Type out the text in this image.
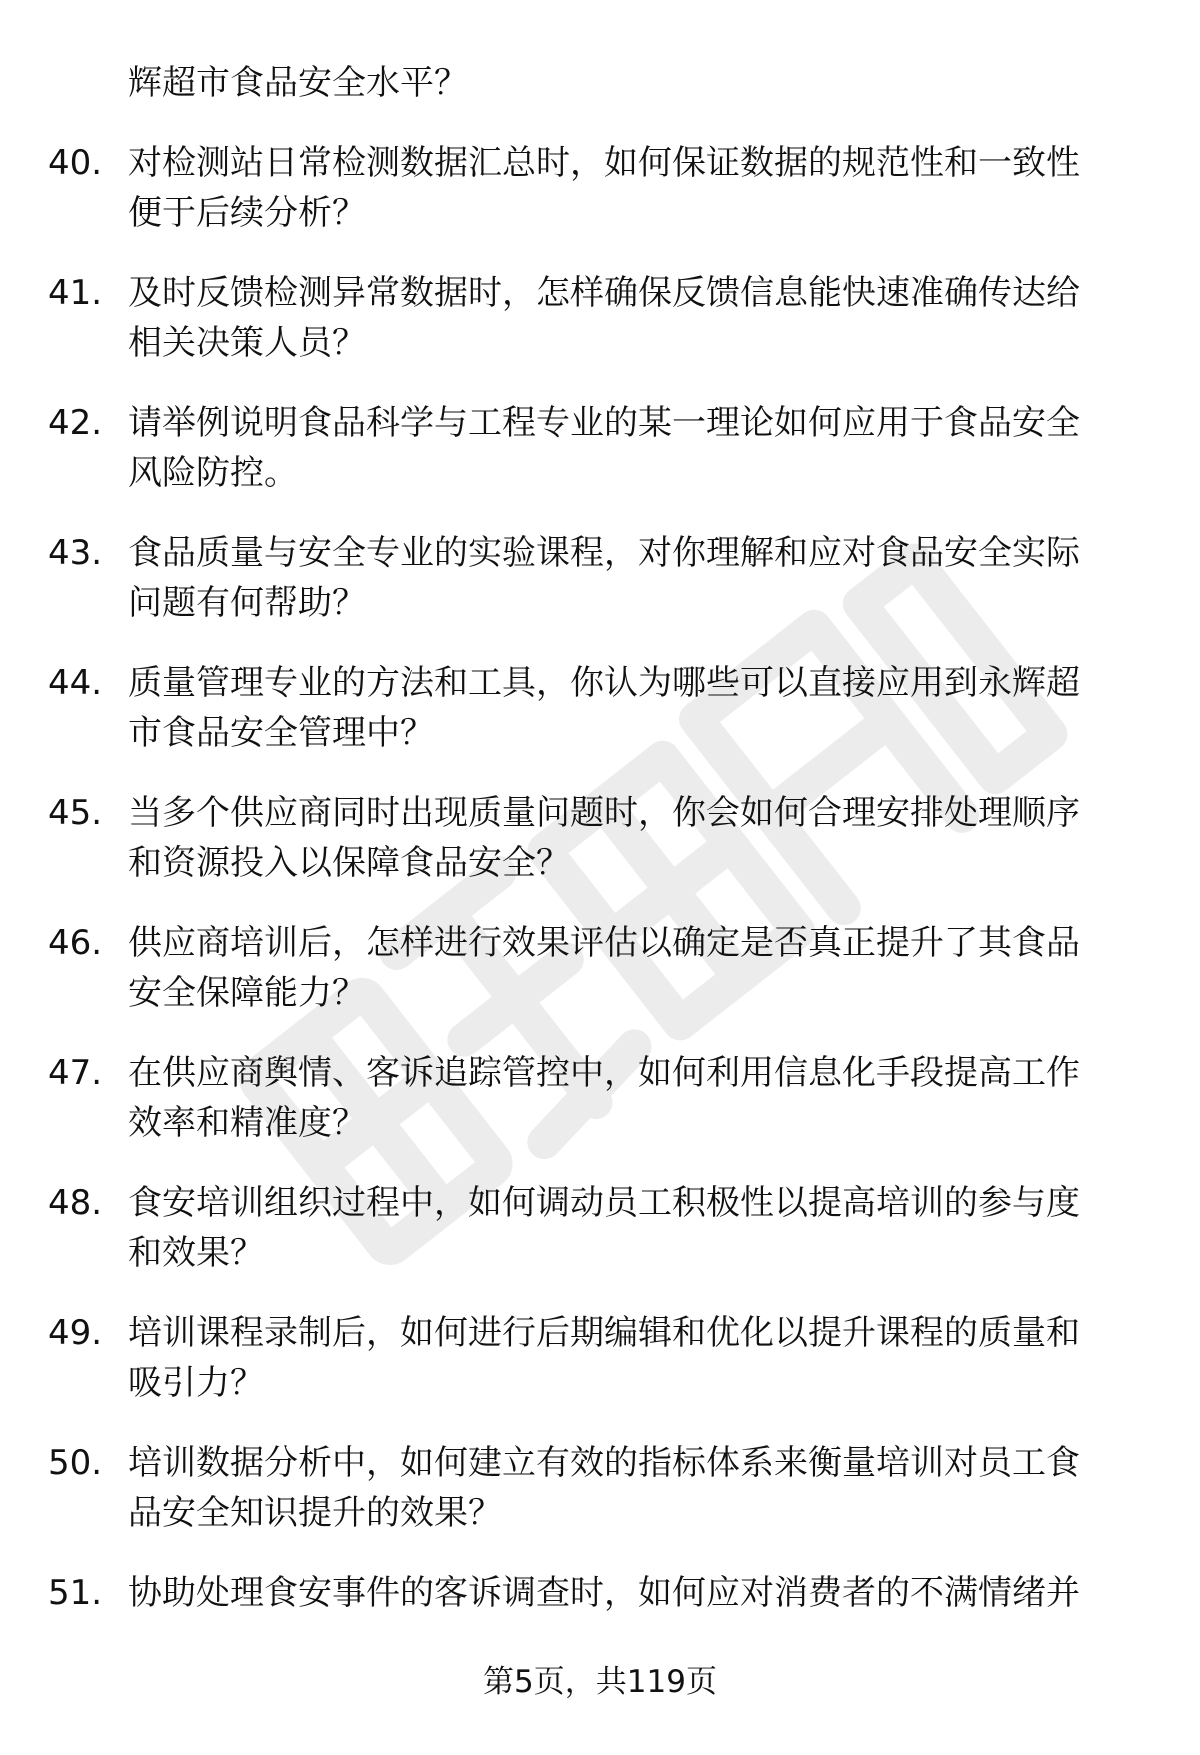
辉超市食品安全水平？
40. 对检测站日常检测数据汇总时，如何保证数据的规范性和一致性
便于后续分析？
41. 及时反馈检测异常数据时，怎样确保反馈信息能快速准确传达给
相关决策人员？
42. 请举例说明食品科学与工程专业的某一理论如何应用于食品安全
风险防控。
43. 食品质量与安全专业的实验课程，对你理解和应对食品安全实际
问题有何帮助？
44. 质量管理专业的方法和工具，你认为哪些可以直接应用到永辉超
市食品安全管理中？
45. 当多个供应商同时出现质量问题时，你会如何合理安排处理顺序
和资源投入以保障食品安全？
46. 供应商培训后，怎样进行效果评估以确定是否真正提升了其食品
安全保障能力？
47. 在供应商舆情、客诉追踪管控中，如何利用信息化手段提高工作
效率和精准度？
48. 食安培训组织过程中，如何调动员工积极性以提高培训的参与度
和效果？
49. 培训课程录制后，如何进行后期编辑和优化以提升课程的质量和
吸引力？
50. 培训数据分析中，如何建立有效的指标体系来衡量培训对员工食
品安全知识提升的效果？
51. 协助处理食安事件的客诉调查时，如何应对消费者的不满情绪并
第5页，共119页
